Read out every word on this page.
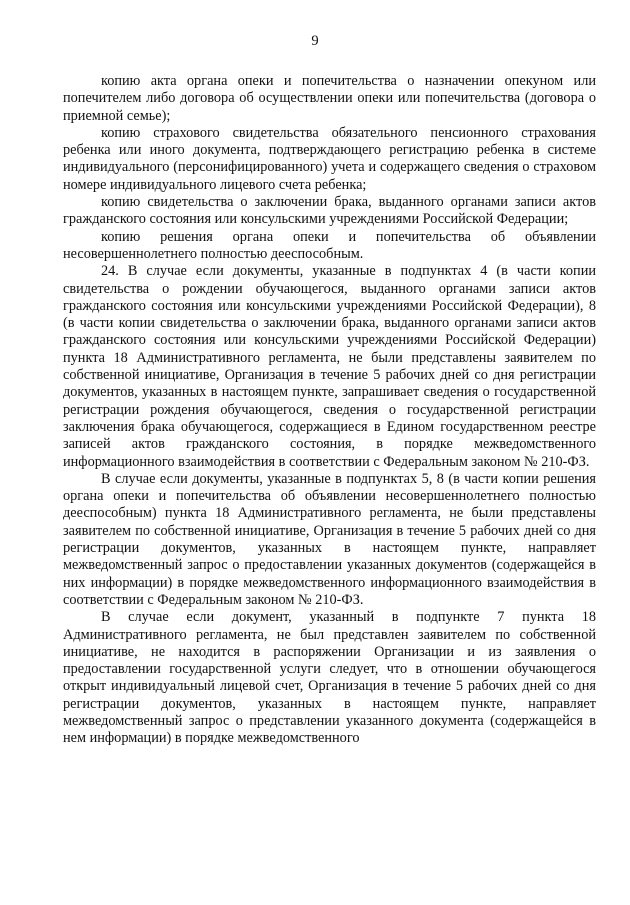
9

копию акта органа опеки и попечительства о назначении опекуном или попечителем либо договора об осуществлении опеки или попечительства (договора о приемной семье);

копию страхового свидетельства обязательного пенсионного страхования ребенка или иного документа, подтверждающего регистрацию ребенка в системе индивидуального (персонифицированного) учета и содержащего сведения о страховом номере индивидуального лицевого счета ребенка;

копию свидетельства о заключении брака, выданного органами записи актов гражданского состояния или консульскими учреждениями Российской Федерации;

копию решения органа опеки и попечительства об объявлении несовершеннолетнего полностью дееспособным.

24. В случае если документы, указанные в подпунктах 4 (в части копии свидетельства о рождении обучающегося, выданного органами записи актов гражданского состояния или консульскими учреждениями Российской Федерации), 8 (в части копии свидетельства о заключении брака, выданного органами записи актов гражданского состояния или консульскими учреждениями Российской Федерации) пункта 18 Административного регламента, не были представлены заявителем по собственной инициативе, Организация в течение 5 рабочих дней со дня регистрации документов, указанных в настоящем пункте, запрашивает сведения о государственной регистрации рождения обучающегося, сведения о государственной регистрации заключения брака обучающегося, содержащиеся в Едином государственном реестре записей актов гражданского состояния, в порядке межведомственного информационного взаимодействия в соответствии с Федеральным законом № 210-ФЗ.

В случае если документы, указанные в подпунктах 5, 8 (в части копии решения органа опеки и попечительства об объявлении несовершеннолетнего полностью дееспособным) пункта 18 Административного регламента, не были представлены заявителем по собственной инициативе, Организация в течение 5 рабочих дней со дня регистрации документов, указанных в настоящем пункте, направляет межведомственный запрос о предоставлении указанных документов (содержащейся в них информации) в порядке межведомственного информационного взаимодействия в соответствии с Федеральным законом № 210-ФЗ.

В случае если документ, указанный в подпункте 7 пункта 18 Административного регламента, не был представлен заявителем по собственной инициативе, не находится в распоряжении Организации и из заявления о предоставлении государственной услуги следует, что в отношении обучающегося открыт индивидуальный лицевой счет, Организация в течение 5 рабочих дней со дня регистрации документов, указанных в настоящем пункте, направляет межведомственный запрос о представлении указанного документа (содержащейся в нем информации) в порядке межведомственного
